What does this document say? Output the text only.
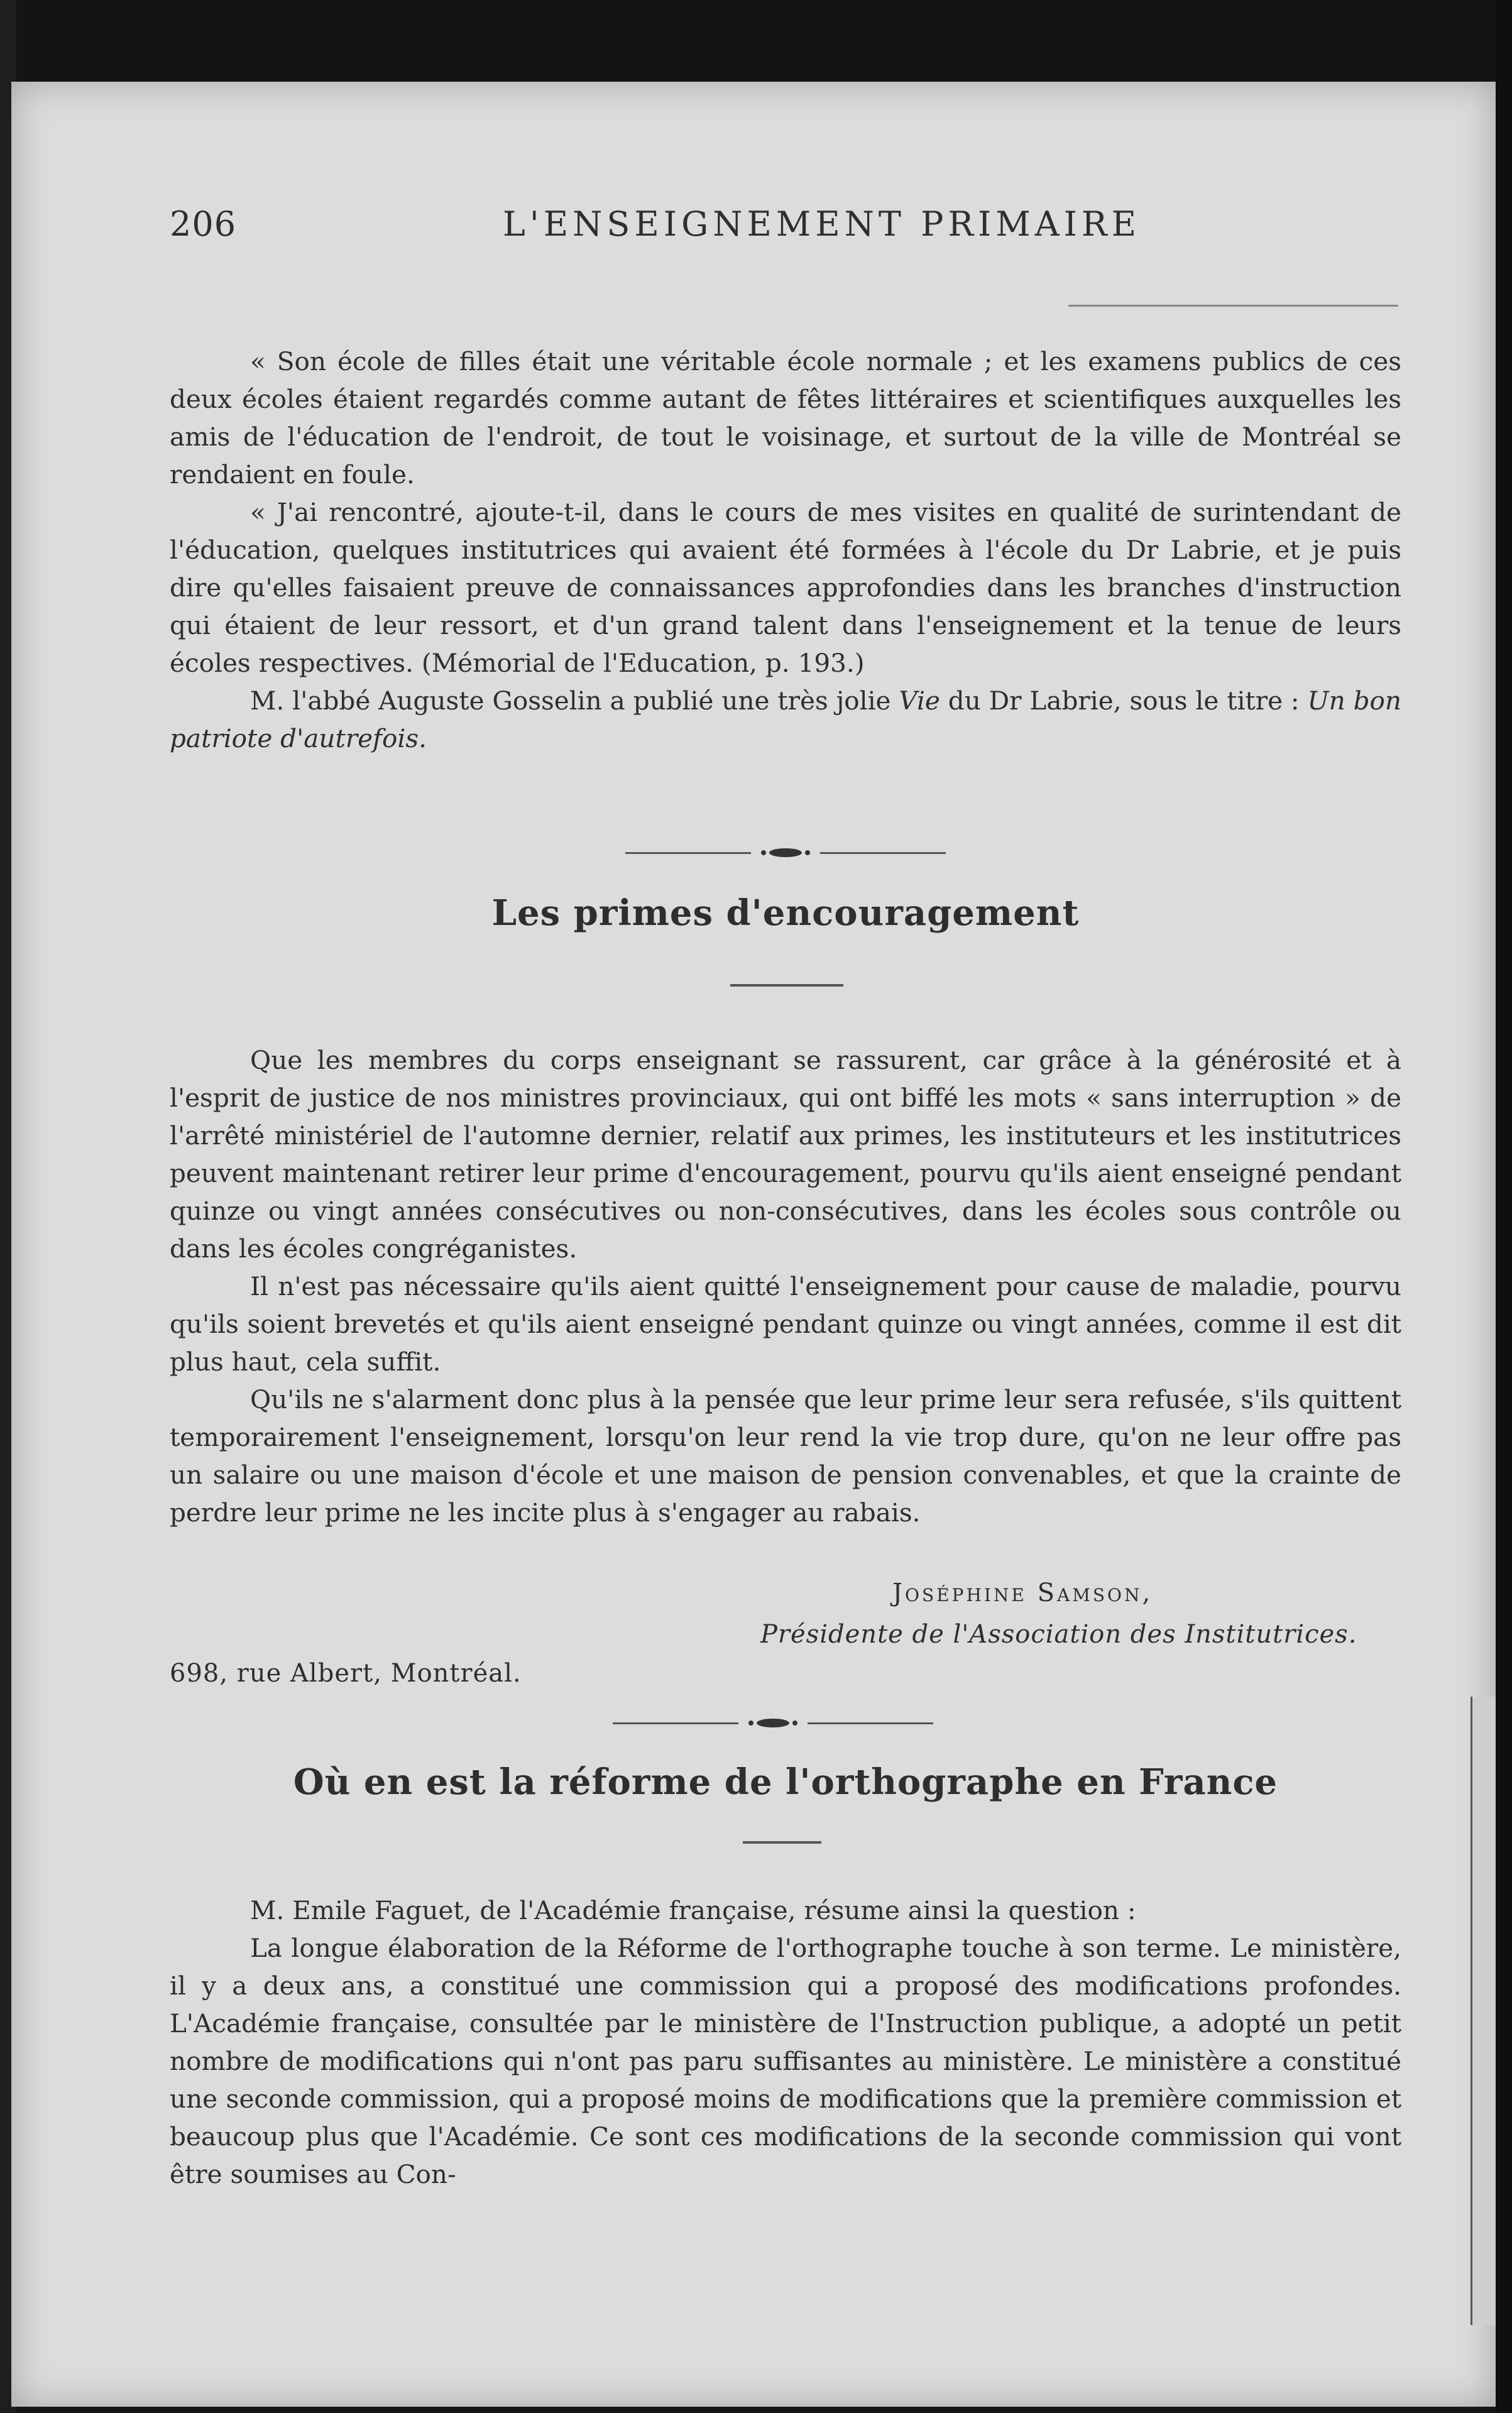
206	L'ENSEIGNEMENT PRIMAIRE

« Son école de filles était une véritable école normale ; et les examens publics de ces deux écoles étaient regardés comme autant de fêtes littéraires et scientifiques auxquelles les amis de l'éducation de l'endroit, de tout le voisinage, et surtout de la ville de Montréal se rendaient en foule.

« J'ai rencontré, ajoute-t-il, dans le cours de mes visites en qualité de surintendant de l'éducation, quelques institutrices qui avaient été formées à l'école du Dr Labrie, et je puis dire qu'elles faisaient preuve de connaissances approfondies dans les branches d'instruction qui étaient de leur ressort, et d'un grand talent dans l'enseignement et la tenue de leurs écoles respectives. (Mémorial de l'Education, p. 193.)

M. l'abbé Auguste Gosselin a publié une très jolie Vie du Dr Labrie, sous le titre : Un bon patriote d'autrefois.

Les primes d'encouragement

Que les membres du corps enseignant se rassurent, car grâce à la générosité et à l'esprit de justice de nos ministres provinciaux, qui ont biffé les mots « sans interruption » de l'arrêté ministériel de l'automne dernier, relatif aux primes, les instituteurs et les institutrices peuvent maintenant retirer leur prime d'encouragement, pourvu qu'ils aient enseigné pendant quinze ou vingt années consécutives ou non-consécutives, dans les écoles sous contrôle ou dans les écoles congréganistes.

Il n'est pas nécessaire qu'ils aient quitté l'enseignement pour cause de maladie, pourvu qu'ils soient brevetés et qu'ils aient enseigné pendant quinze ou vingt années, comme il est dit plus haut, cela suffit.

Qu'ils ne s'alarment donc plus à la pensée que leur prime leur sera refusée, s'ils quittent temporairement l'enseignement, lorsqu'on leur rend la vie trop dure, qu'on ne leur offre pas un salaire ou une maison d'école et une maison de pension convenables, et que la crainte de perdre leur prime ne les incite plus à s'engager au rabais.

Joséphine Samson,
Présidente de l'Association des Institutrices.
698, rue Albert, Montréal.
Où en est la réforme de l'orthographe en France

M. Emile Faguet, de l'Académie française, résume ainsi la question :

La longue élaboration de la Réforme de l'orthographe touche à son terme. Le ministère, il y a deux ans, a constitué une commission qui a proposé des modifications profondes. L'Académie française, consultée par le ministère de l'Instruction publique, a adopté un petit nombre de modifications qui n'ont pas paru suffisantes au ministère. Le ministère a constitué une seconde commission, qui a proposé moins de modifications que la première commission et beaucoup plus que l'Académie. Ce sont ces modifications de la seconde commission qui vont être soumises au Con-
